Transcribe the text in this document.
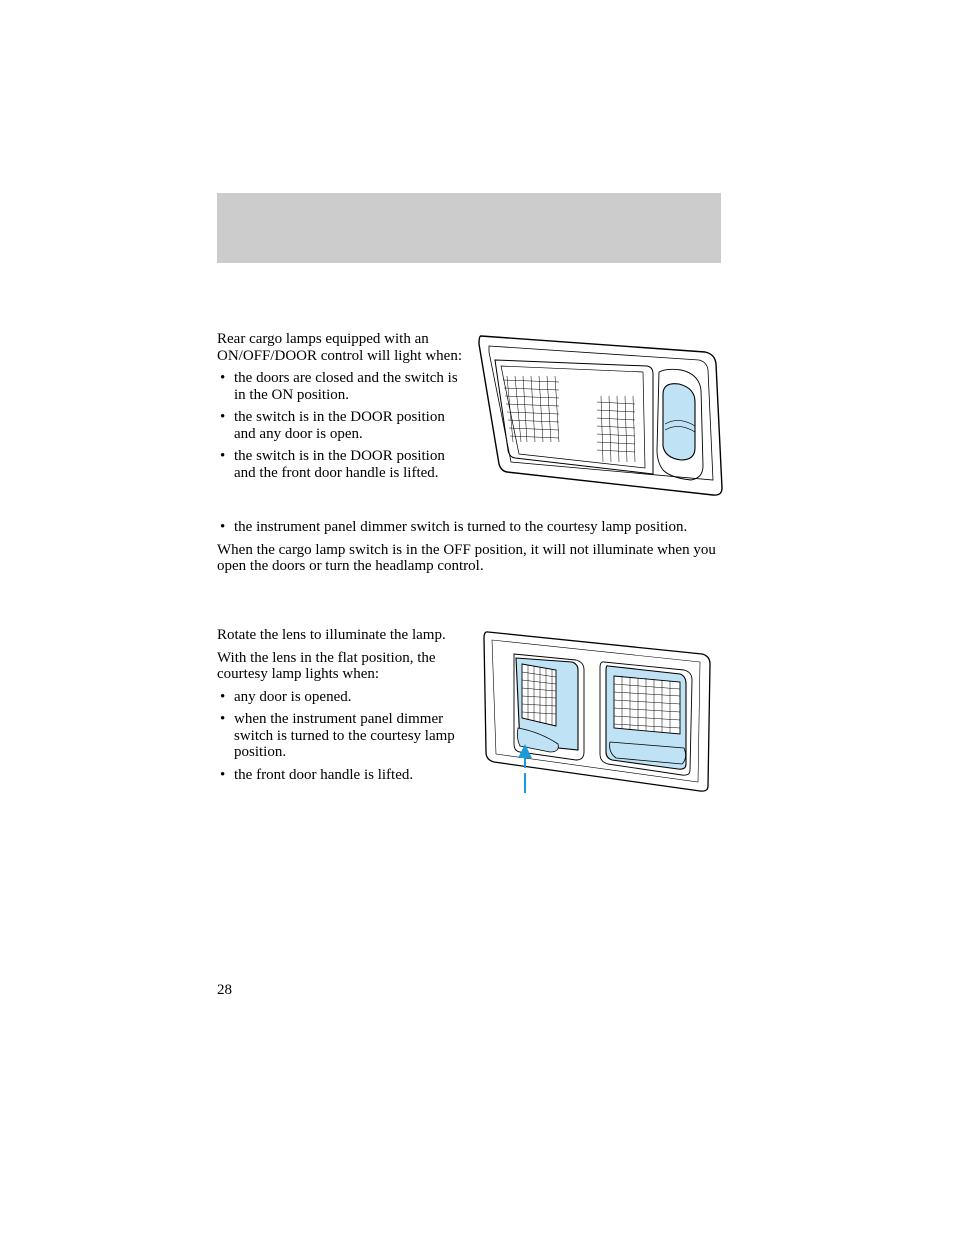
Rear cargo lamps equipped with an ON/OFF/DOOR control will light when:

• the doors are closed and the switch is in the ON position.
• the switch is in the DOOR position and any door is open.
• the switch is in the DOOR position and the front door handle is lifted.
• the instrument panel dimmer switch is turned to the courtesy lamp position.

When the cargo lamp switch is in the OFF position, it will not illuminate when you open the doors or turn the headlamp control.

Rotate the lens to illuminate the lamp.

With the lens in the flat position, the courtesy lamp lights when:

• any door is opened.
• when the instrument panel dimmer switch is turned to the courtesy lamp position.
• the front door handle is lifted.
28
